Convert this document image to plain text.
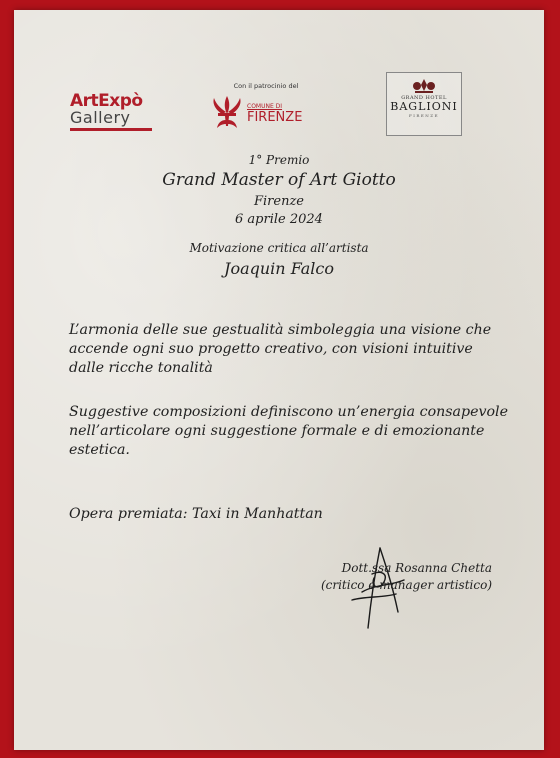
ArtExpò
Gallery
Con il patrocinio del
COMUNE DI
FIRENZE
GRAND HOTEL
BAGLIONI
FIRENZE
1° Premio
Grand Master of Art Giotto
Firenze
6 aprile 2024
Motivazione critica all’artista
Joaquin Falco
L’armonia delle sue gestualità simboleggia una visione che accende ogni suo progetto creativo, con visioni intuitive dalle ricche tonalità
Suggestive composizioni definiscono un’energia consapevole nell’articolare ogni suggestione formale e di emozionante estetica.
Opera premiata: Taxi in Manhattan
Dott.ssa Rosanna Chetta
(critico e manager artistico)
